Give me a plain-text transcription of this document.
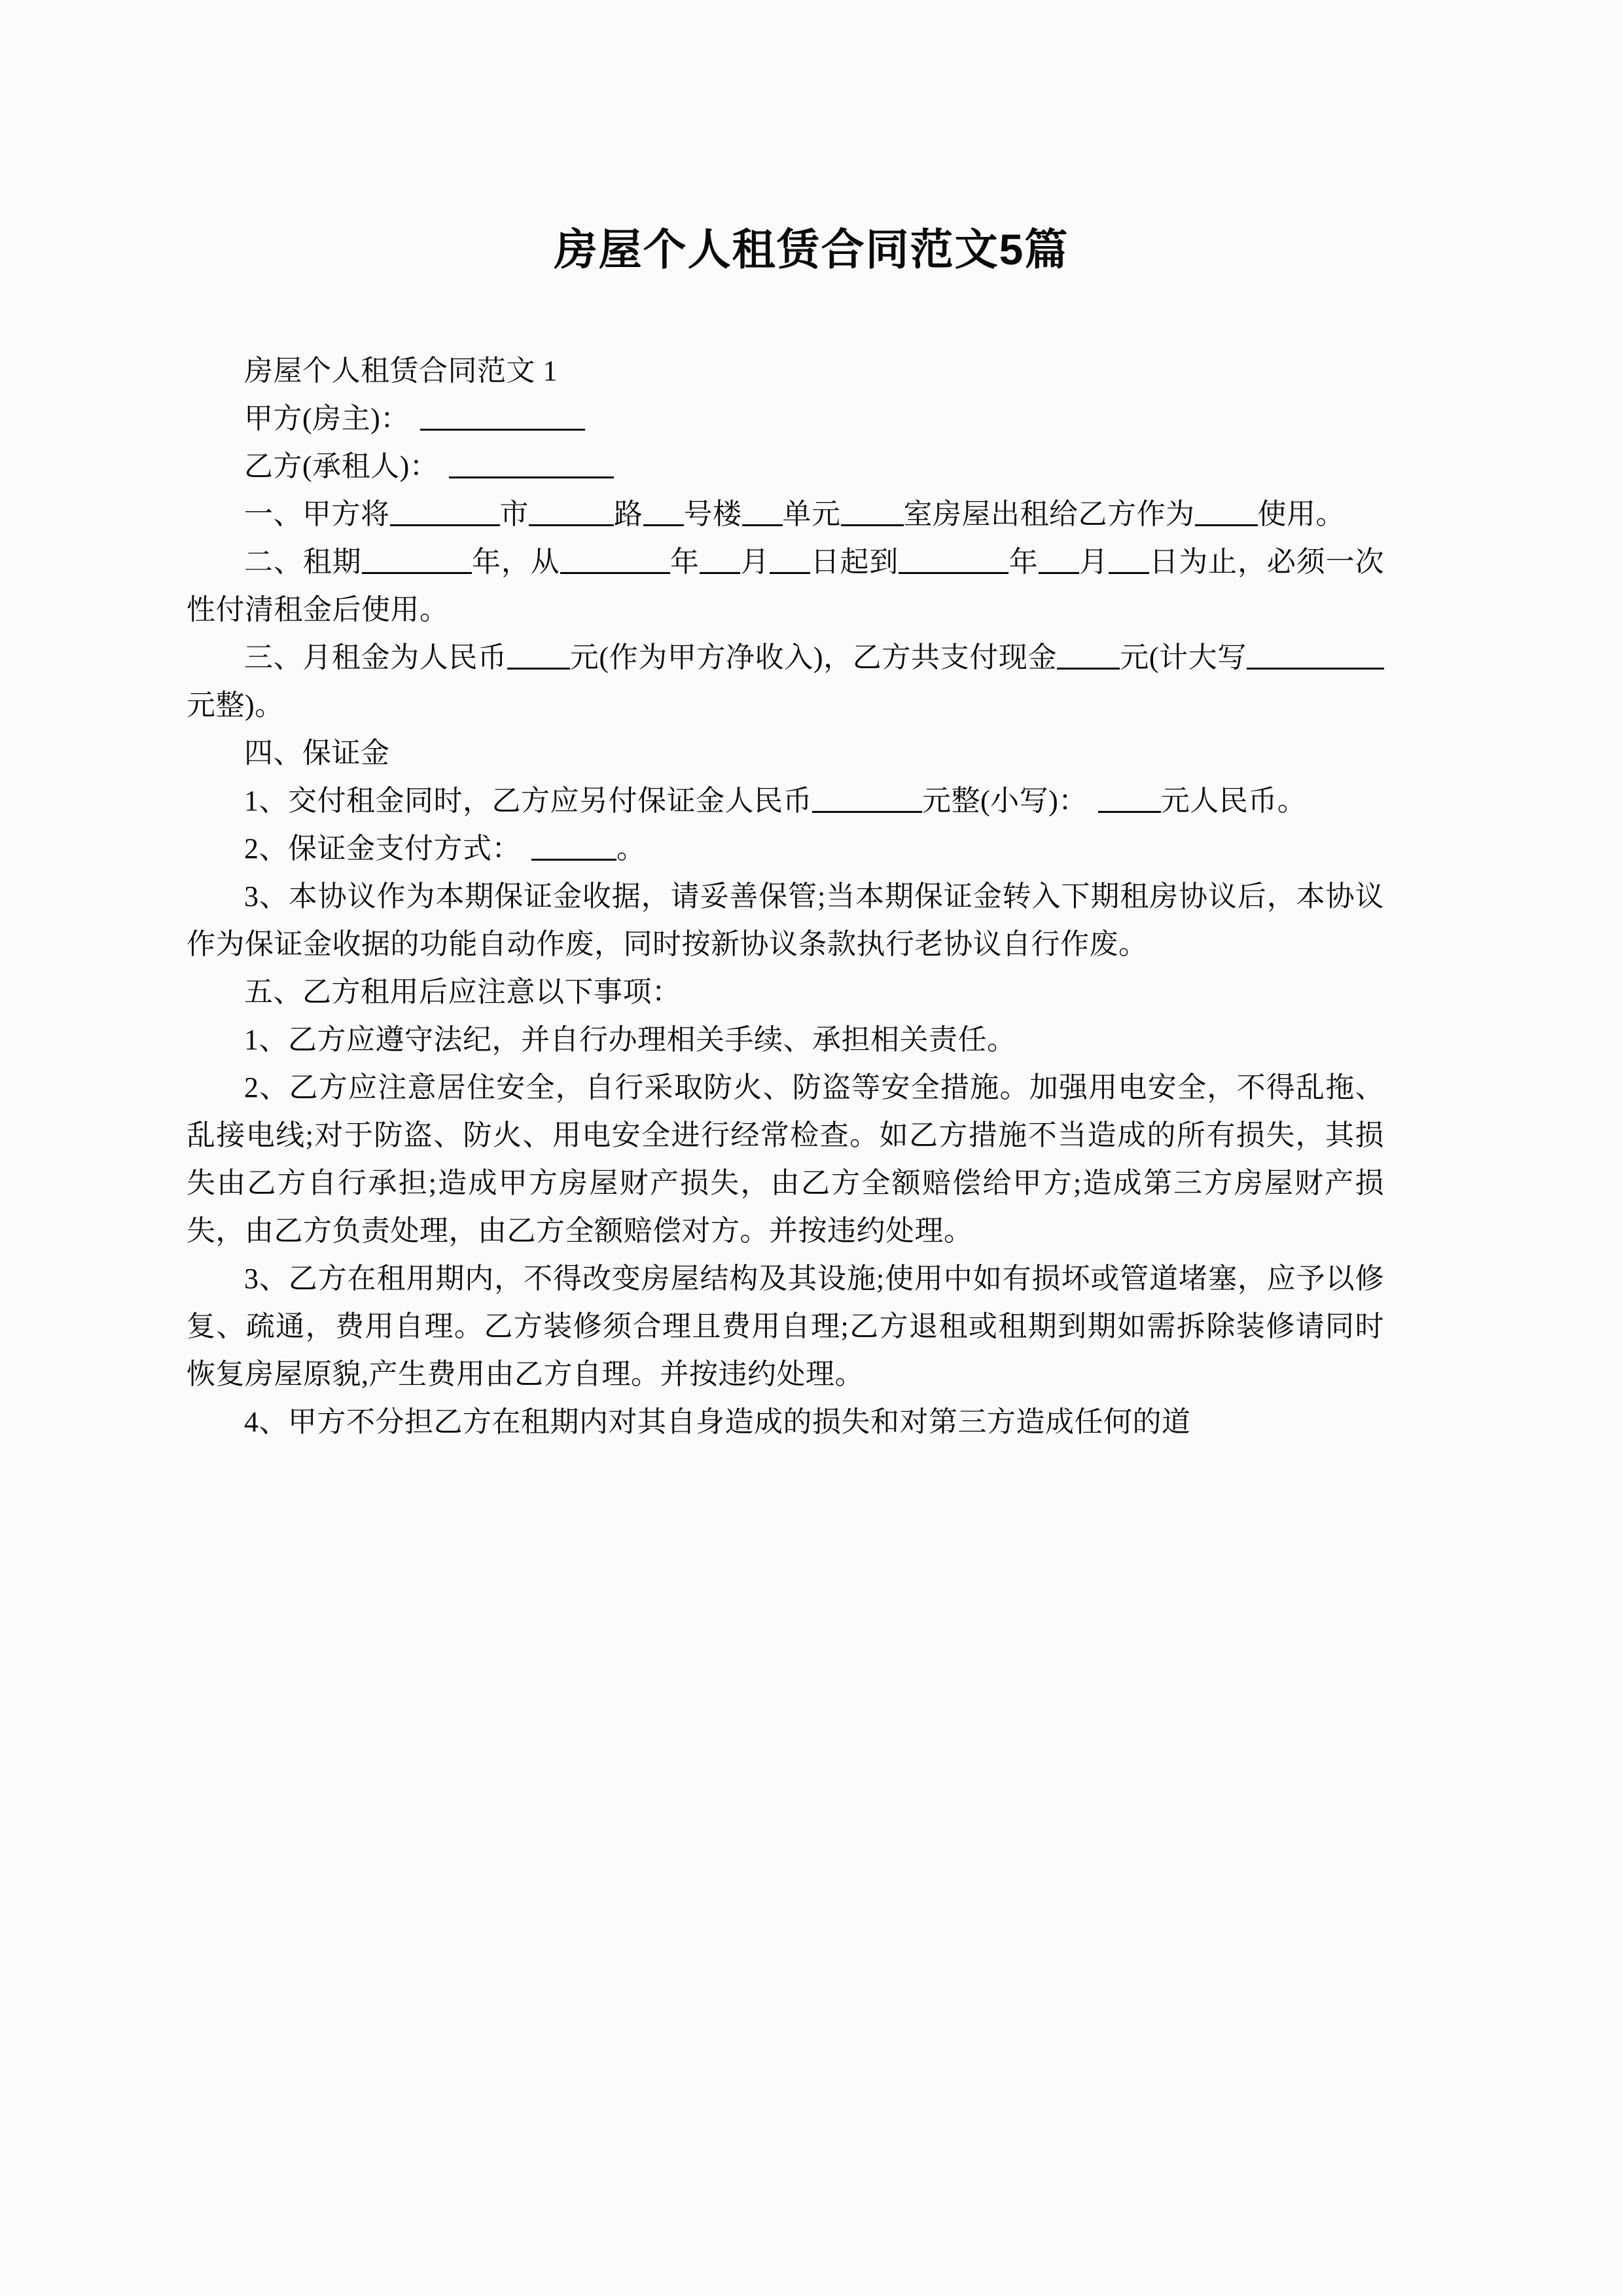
房屋个人租赁合同范文5篇

房屋个人租赁合同范文 1

甲方(房主)：

乙方(承租人)：

一、甲方将	市	路 号楼 单元 室房屋出租给乙方作为 使用。

二、租期	年，从	年 月 日起到	年 月 日为止，必须一次性付清租金后使用。

三、月租金为人民币 元(作为甲方净收入)，乙方共支付现金 元(计大写元整)。

四、保证金

1、交付租金同时，乙方应另付保证金人民币	元整(小写)：	元人民币。

2、保证金支付方式：	。

3、本协议作为本期保证金收据，请妥善保管;当本期保证金转入下期租房协议后，本协议作为保证金收据的功能自动作废，同时按新协议条款执行老协议自行作废。

五、乙方租用后应注意以下事项：

1、乙方应遵守法纪，并自行办理相关手续、承担相关责任。

2、乙方应注意居住安全，自行采取防火、防盗等安全措施。加强用电安全，不得乱拖、乱接电线;对于防盗、防火、用电安全进行经常检查。如乙方措施不当造成的所有损失，其损失由乙方自行承担;造成甲方房屋财产损失，由乙方全额赔偿给甲方;造成第三方房屋财产损失，由乙方负责处理，由乙方全额赔偿对方。并按违约处理。

3、乙方在租用期内，不得改变房屋结构及其设施;使用中如有损坏或管道堵塞，应予以修复、疏通，费用自理。乙方装修须合理且费用自理;乙方退租或租期到期如需拆除装修请同时恢复房屋原貌,产生费用由乙方自理。并按违约处理。

4、甲方不分担乙方在租期内对其自身造成的损失和对第三方造成任何的道
